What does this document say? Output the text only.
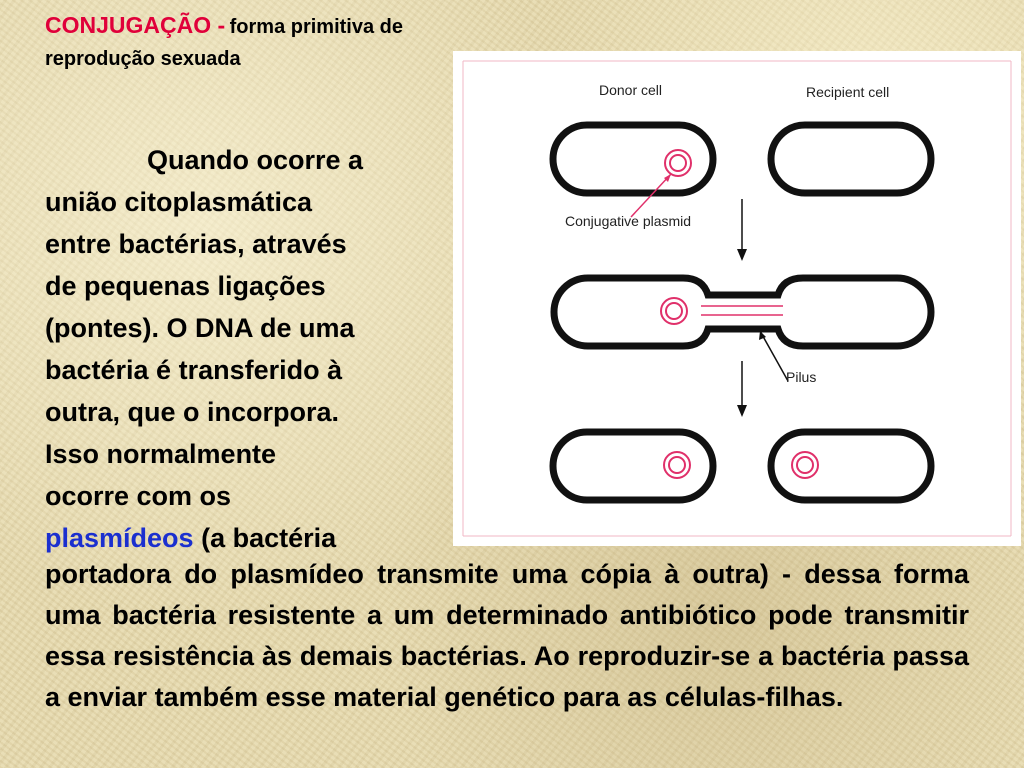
CONJUGAÇÃO - forma primitiva de reprodução sexuada
Quando ocorre a
união citoplasmática
entre bactérias, através
de pequenas ligações
(pontes). O DNA de uma
bactéria é transferido à
outra, que o incorpora.
Isso normalmente
ocorre com os
plasmídeos (a bactéria
portadora do plasmídeo transmite uma cópia à outra) - dessa forma uma bactéria resistente a um determinado antibiótico pode transmitir essa resistência às demais bactérias. Ao reproduzir-se a bactéria passa a enviar também esse material genético para as células-filhas.
Donor cell	Recipient cell
Conjugative plasmid
Pilus
